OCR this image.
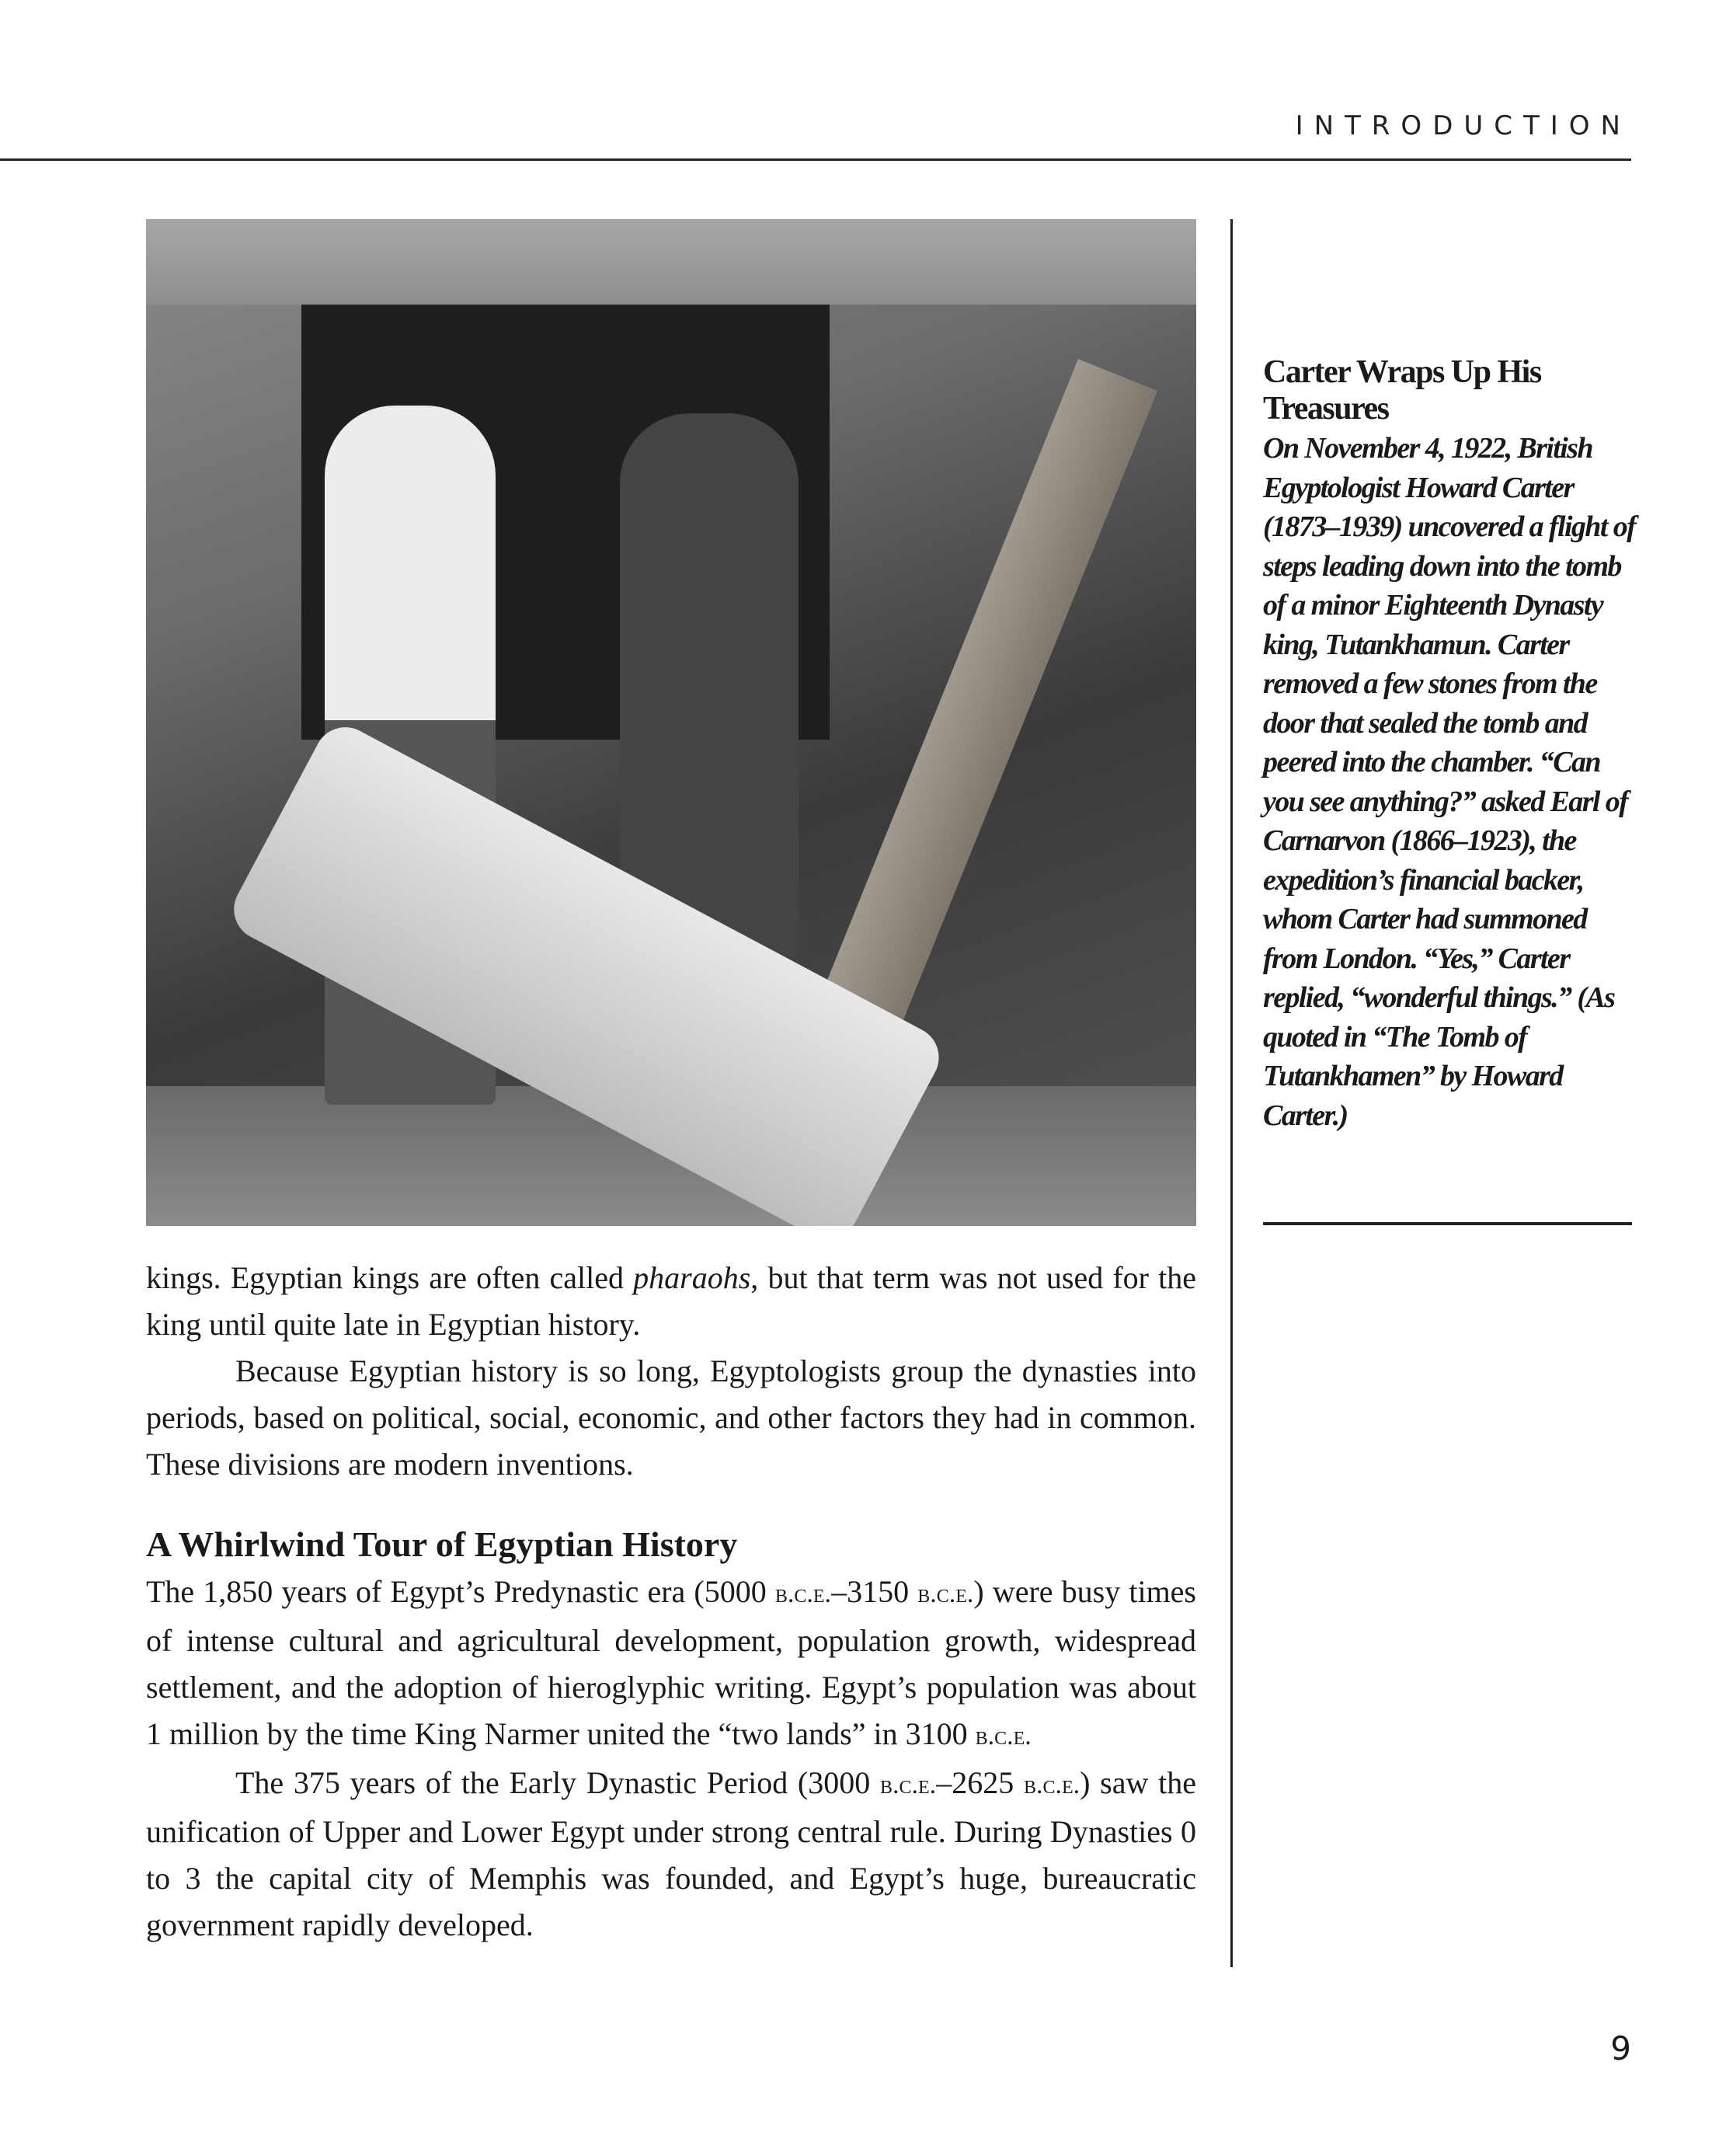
INTRODUCTION
Carter Wraps Up His Treasures

On November 4, 1922, British Egyptologist Howard Carter (1873–1939) uncovered a flight of steps leading down into the tomb of a minor Eighteenth Dynasty king, Tutankhamun. Carter removed a few stones from the door that sealed the tomb and peered into the chamber. “Can you see anything?” asked Earl of Carnarvon (1866–1923), the expedition’s financial backer, whom Carter had summoned from London. “Yes,” Carter replied, “wonderful things.” (As quoted in “The Tomb of Tutankhamen” by Howard Carter.)

kings. Egyptian kings are often called pharaohs, but that term was not used for the king until quite late in Egyptian history.

Because Egyptian history is so long, Egyptologists group the dynasties into periods, based on political, social, economic, and other factors they had in common. These divisions are modern inventions.

A Whirlwind Tour of Egyptian History

The 1,850 years of Egypt’s Predynastic era (5000 b.c.e.–3150 b.c.e.) were busy times of intense cultural and agricultural development, population growth, widespread settlement, and the adoption of hieroglyphic writing. Egypt’s population was about 1 million by the time King Narmer united the “two lands” in 3100 b.c.e.

The 375 years of the Early Dynastic Period (3000 b.c.e.–2625 b.c.e.) saw the unification of Upper and Lower Egypt under strong central rule. During Dynasties 0 to 3 the capital city of Memphis was founded, and Egypt’s huge, bureaucratic government rapidly developed.

9
